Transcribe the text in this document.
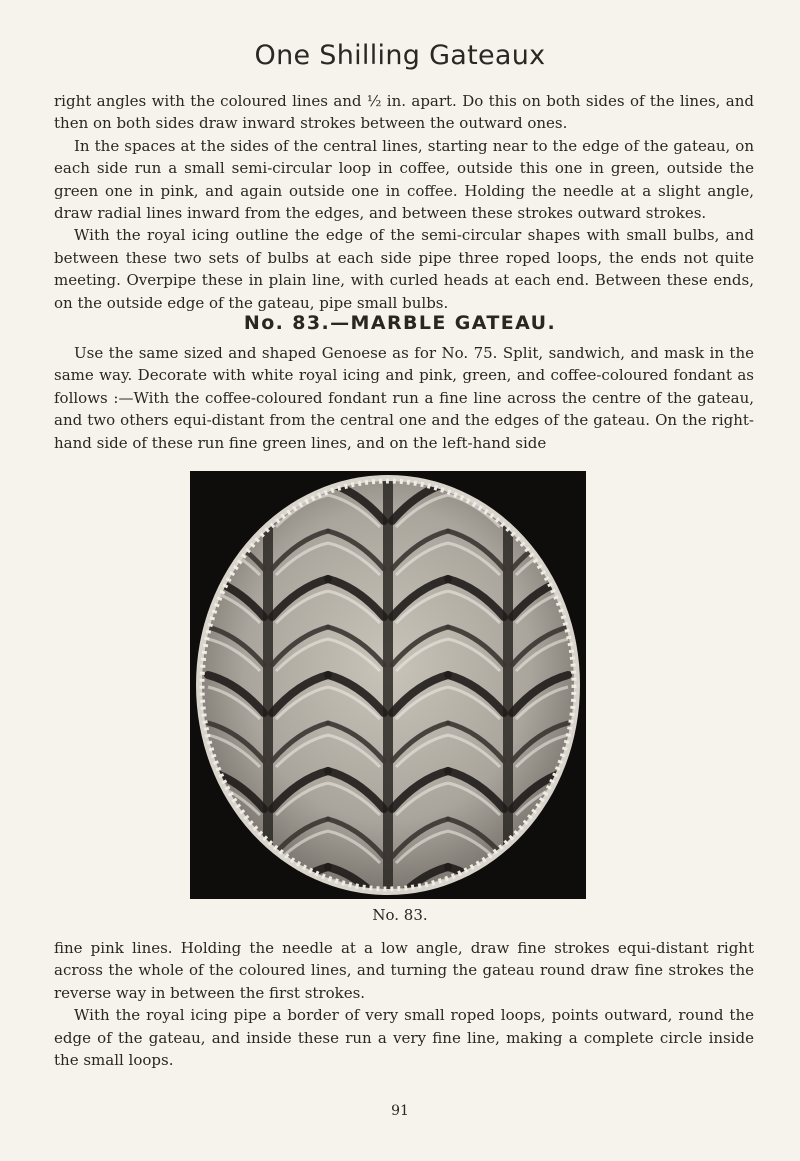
One Shilling Gateaux

right angles with the coloured lines and ½ in. apart. Do this on both sides of the lines, and then on both sides draw inward strokes between the outward ones.

In the spaces at the sides of the central lines, starting near to the edge of the gateau, on each side run a small semi-circular loop in coffee, outside this one in green, outside the green one in pink, and again outside one in coffee. Holding the needle at a slight angle, draw radial lines inward from the edges, and between these strokes outward strokes.

With the royal icing outline the edge of the semi-circular shapes with small bulbs, and between these two sets of bulbs at each side pipe three roped loops, the ends not quite meeting. Overpipe these in plain line, with curled heads at each end. Between these ends, on the outside edge of the gateau, pipe small bulbs.

No. 83.—MARBLE GATEAU.

Use the same sized and shaped Genoese as for No. 75. Split, sandwich, and mask in the same way. Decorate with white royal icing and pink, green, and coffee-coloured fondant as follows :—With the coffee-coloured fondant run a fine line across the centre of the gateau, and two others equi-distant from the central one and the edges of the gateau. On the right-hand side of these run fine green lines, and on the left-hand side

No. 83.

fine pink lines. Holding the needle at a low angle, draw fine strokes equi-distant right across the whole of the coloured lines, and turning the gateau round draw fine strokes the reverse way in between the first strokes.

With the royal icing pipe a border of very small roped loops, points outward, round the edge of the gateau, and inside these run a very fine line, making a complete circle inside the small loops.

91
